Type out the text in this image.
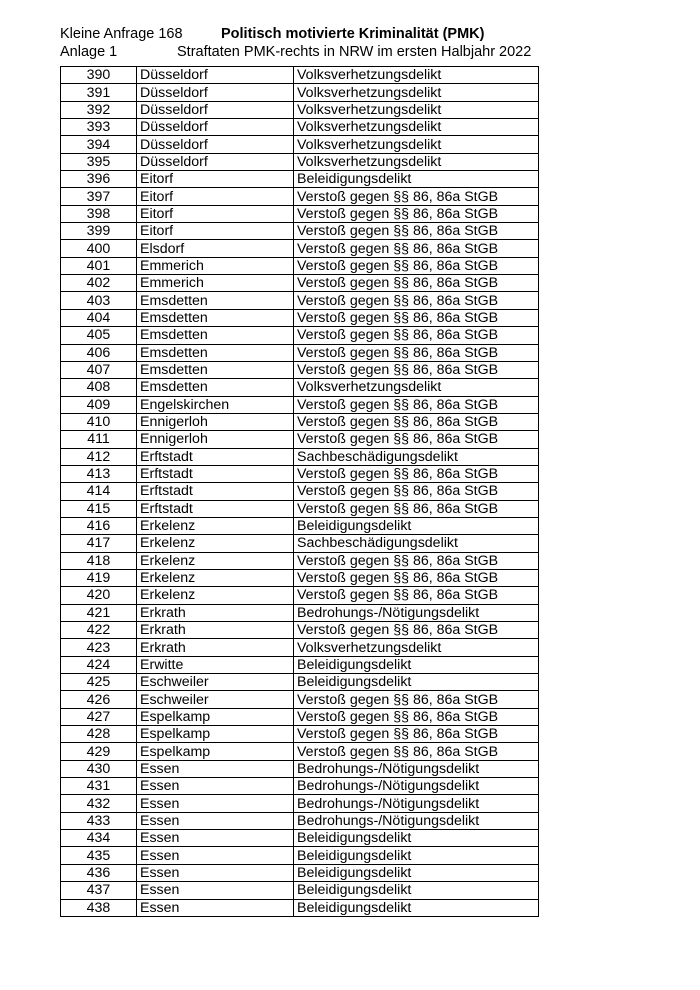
Kleine Anfrage 168
Anlage 1
Politisch motivierte Kriminalität (PMK)
Straftaten PMK-rechts in NRW im ersten Halbjahr 2022
390	Düsseldorf	Volksverhetzungsdelikt
391	Düsseldorf	Volksverhetzungsdelikt
392	Düsseldorf	Volksverhetzungsdelikt
393	Düsseldorf	Volksverhetzungsdelikt
394	Düsseldorf	Volksverhetzungsdelikt
395	Düsseldorf	Volksverhetzungsdelikt
396	Eitorf	Beleidigungsdelikt
397	Eitorf	Verstoß gegen §§ 86, 86a StGB
398	Eitorf	Verstoß gegen §§ 86, 86a StGB
399	Eitorf	Verstoß gegen §§ 86, 86a StGB
400	Elsdorf	Verstoß gegen §§ 86, 86a StGB
401	Emmerich	Verstoß gegen §§ 86, 86a StGB
402	Emmerich	Verstoß gegen §§ 86, 86a StGB
403	Emsdetten	Verstoß gegen §§ 86, 86a StGB
404	Emsdetten	Verstoß gegen §§ 86, 86a StGB
405	Emsdetten	Verstoß gegen §§ 86, 86a StGB
406	Emsdetten	Verstoß gegen §§ 86, 86a StGB
407	Emsdetten	Verstoß gegen §§ 86, 86a StGB
408	Emsdetten	Volksverhetzungsdelikt
409	Engelskirchen	Verstoß gegen §§ 86, 86a StGB
410	Ennigerloh	Verstoß gegen §§ 86, 86a StGB
411	Ennigerloh	Verstoß gegen §§ 86, 86a StGB
412	Erftstadt	Sachbeschädigungsdelikt
413	Erftstadt	Verstoß gegen §§ 86, 86a StGB
414	Erftstadt	Verstoß gegen §§ 86, 86a StGB
415	Erftstadt	Verstoß gegen §§ 86, 86a StGB
416	Erkelenz	Beleidigungsdelikt
417	Erkelenz	Sachbeschädigungsdelikt
418	Erkelenz	Verstoß gegen §§ 86, 86a StGB
419	Erkelenz	Verstoß gegen §§ 86, 86a StGB
420	Erkelenz	Verstoß gegen §§ 86, 86a StGB
421	Erkrath	Bedrohungs-/Nötigungsdelikt
422	Erkrath	Verstoß gegen §§ 86, 86a StGB
423	Erkrath	Volksverhetzungsdelikt
424	Erwitte	Beleidigungsdelikt
425	Eschweiler	Beleidigungsdelikt
426	Eschweiler	Verstoß gegen §§ 86, 86a StGB
427	Espelkamp	Verstoß gegen §§ 86, 86a StGB
428	Espelkamp	Verstoß gegen §§ 86, 86a StGB
429	Espelkamp	Verstoß gegen §§ 86, 86a StGB
430	Essen	Bedrohungs-/Nötigungsdelikt
431	Essen	Bedrohungs-/Nötigungsdelikt
432	Essen	Bedrohungs-/Nötigungsdelikt
433	Essen	Bedrohungs-/Nötigungsdelikt
434	Essen	Beleidigungsdelikt
435	Essen	Beleidigungsdelikt
436	Essen	Beleidigungsdelikt
437	Essen	Beleidigungsdelikt
438	Essen	Beleidigungsdelikt
